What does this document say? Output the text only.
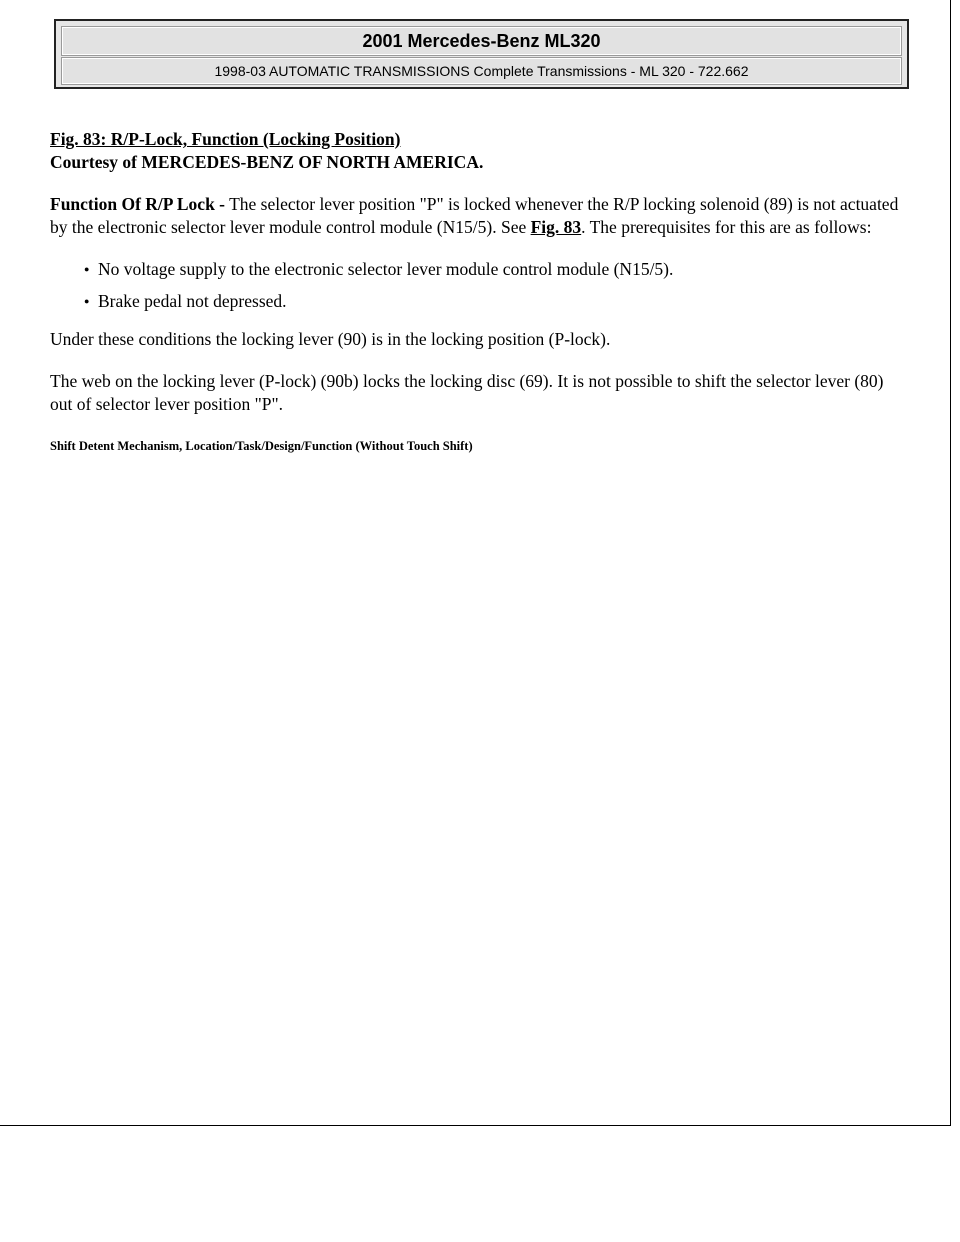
2001 Mercedes-Benz ML320
1998-03 AUTOMATIC TRANSMISSIONS Complete Transmissions - ML 320 - 722.662
Fig. 83: R/P-Lock, Function (Locking Position)
Courtesy of MERCEDES-BENZ OF NORTH AMERICA.

Function Of R/P Lock - The selector lever position "P" is locked whenever the R/P locking solenoid (89) is not actuated by the electronic selector lever module control module (N15/5). See Fig. 83. The prerequisites for this are as follows:

● No voltage supply to the electronic selector lever module control module (N15/5).
● Brake pedal not depressed.

Under these conditions the locking lever (90) is in the locking position (P-lock).

The web on the locking lever (P-lock) (90b) locks the locking disc (69). It is not possible to shift the selector lever (80) out of selector lever position "P".

Shift Detent Mechanism, Location/Task/Design/Function (Without Touch Shift)
